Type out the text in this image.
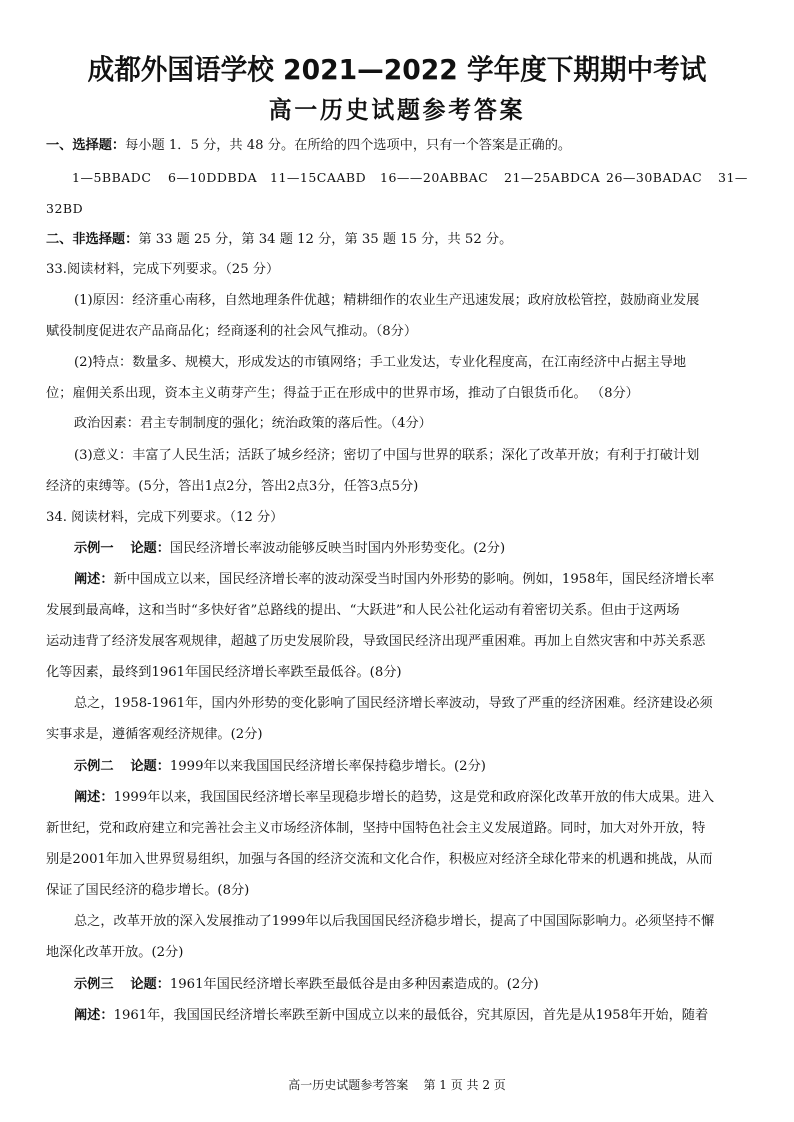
成都外国语学校 2021—2022 学年度下期期中考试
高一历史试题参考答案
一、选择题：每小题 1．5 分，共 48 分。在所给的四个选项中，只有一个答案是正确的。
1—5BBADC 6—10DDBDA 11—15CAABD 16——20ABBAC 21—25ABDCA 26—30BADAC 31—
32BD
二、非选择题：第 33 题 25 分，第 34 题 12 分，第 35 题 15 分，共 52 分。
33.阅读材料，完成下列要求。（25 分）
(1)原因：经济重心南移，自然地理条件优越；精耕细作的农业生产迅速发展；政府放松管控，鼓励商业发展
赋役制度促进农产品商品化；经商逐利的社会风气推动。（8分）
(2)特点：数量多、规模大，形成发达的市镇网络；手工业发达，专业化程度高，在江南经济中占据主导地
位；雇佣关系出现，资本主义萌芽产生；得益于正在形成中的世界市场，推动了白银货币化。 （8分）
政治因素：君主专制制度的强化；统治政策的落后性。（4分）
(3)意义：丰富了人民生活；活跃了城乡经济；密切了中国与世界的联系；深化了改革开放；有利于打破计划
经济的束缚等。(5分，答出1点2分，答出2点3分，任答3点5分)
34. 阅读材料，完成下列要求。（12 分）
示例一 论题：国民经济增长率波动能够反映当时国内外形势变化。(2分)
阐述：新中国成立以来，国民经济增长率的波动深受当时国内外形势的影响。例如，1958年，国民经济增长率
发展到最高峰，这和当时“多快好省”总路线的提出、“大跃进”和人民公社化运动有着密切关系。但由于这两场
运动违背了经济发展客观规律，超越了历史发展阶段，导致国民经济出现严重困难。再加上自然灾害和中苏关系恶
化等因素，最终到1961年国民经济增长率跌至最低谷。(8分)
总之，1958-1961年，国内外形势的变化影响了国民经济增长率波动，导致了严重的经济困难。经济建设必须
实事求是，遵循客观经济规律。(2分)
示例二 论题：1999年以来我国国民经济增长率保持稳步增长。(2分)
阐述：1999年以来，我国国民经济增长率呈现稳步增长的趋势，这是党和政府深化改革开放的伟大成果。进入
新世纪，党和政府建立和完善社会主义市场经济体制，坚持中国特色社会主义发展道路。同时，加大对外开放，特
别是2001年加入世界贸易组织，加强与各国的经济交流和文化合作，积极应对经济全球化带来的机遇和挑战，从而
保证了国民经济的稳步增长。(8分)
总之，改革开放的深入发展推动了1999年以后我国国民经济稳步增长，提高了中国国际影响力。必须坚持不懈
地深化改革开放。(2分)
示例三 论题：1961年国民经济增长率跌至最低谷是由多种因素造成的。(2分)
阐述：1961年，我国国民经济增长率跌至新中国成立以来的最低谷，究其原因，首先是从1958年开始，随着
高一历史试题参考答案    第 1 页 共 2 页
